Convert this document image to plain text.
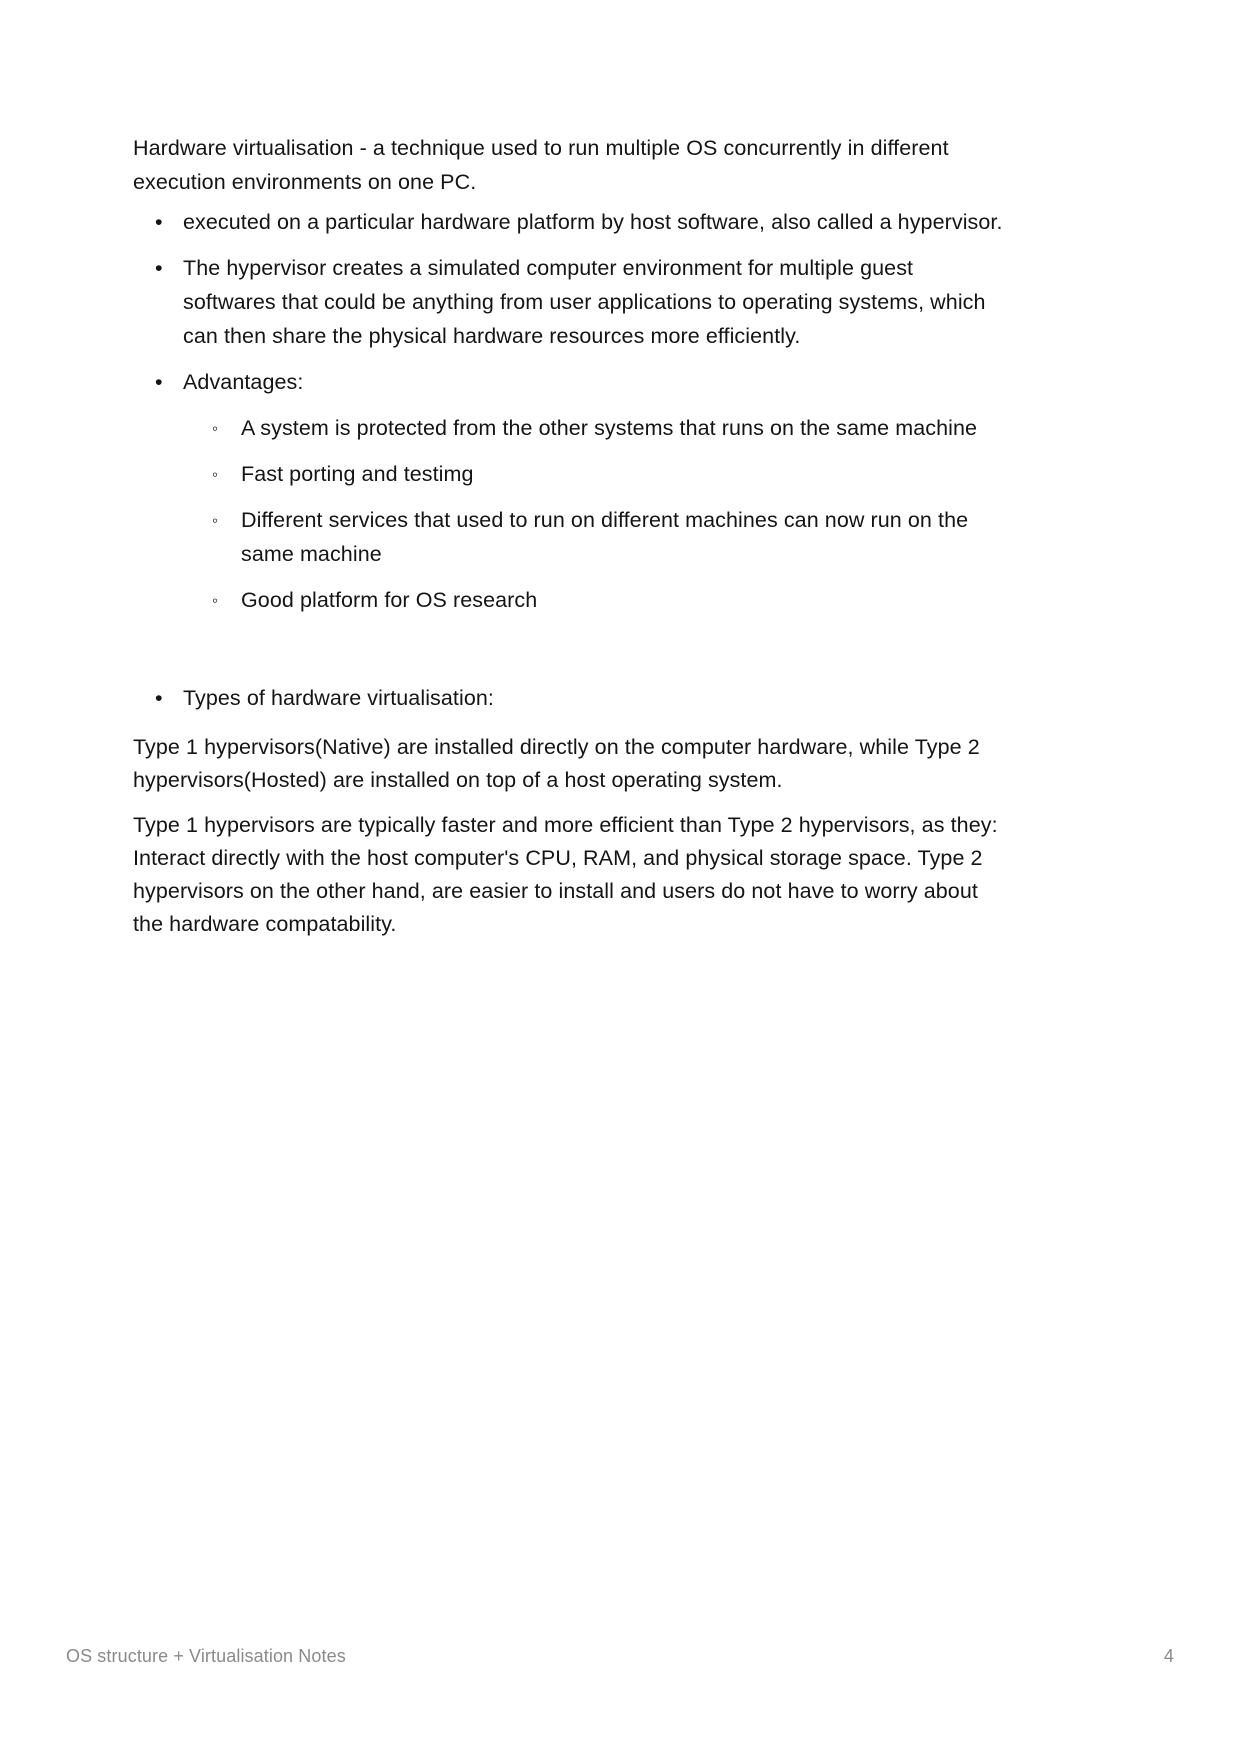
Hardware virtualisation - a technique used to run multiple OS concurrently in different execution environments on one PC.

• executed on a particular hardware platform by host software, also called a hypervisor.
• The hypervisor creates a simulated computer environment for multiple guest softwares that could be anything from user applications to operating systems, which can then share the physical hardware resources more efficiently.
• Advantages:
◦ A system is protected from the other systems that runs on the same machine
◦ Fast porting and testimg
◦ Different services that used to run on different machines can now run on the same machine
◦ Good platform for OS research
• Types of hardware virtualisation:

Type 1 hypervisors(Native) are installed directly on the computer hardware, while Type 2 hypervisors(Hosted) are installed on top of a host operating system.

Type 1 hypervisors are typically faster and more efficient than Type 2 hypervisors, as they: Interact directly with the host computer's CPU, RAM, and physical storage space. Type 2 hypervisors on the other hand, are easier to install and users do not have to worry about the hardware compatability.

OS structure + Virtualisation Notes	4
